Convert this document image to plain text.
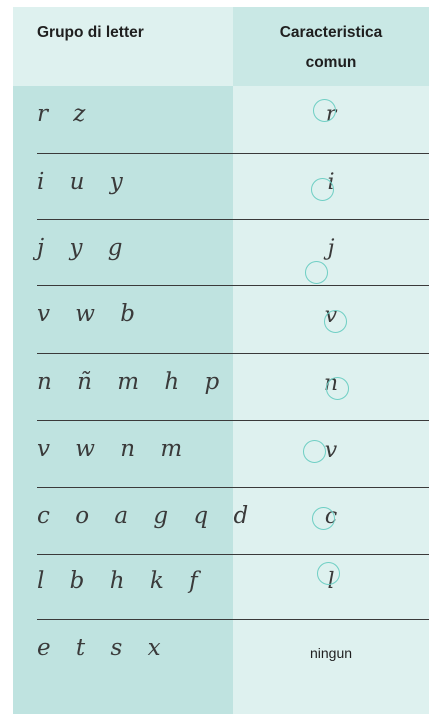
Grupo di letter	Caracteristica
comun
r z	r
i u y	i
j y g	j
v w b	v
n ñ m h p	n
v w n m	v
c o a g q d	c
l b h k f	l
e t s x	ningun
